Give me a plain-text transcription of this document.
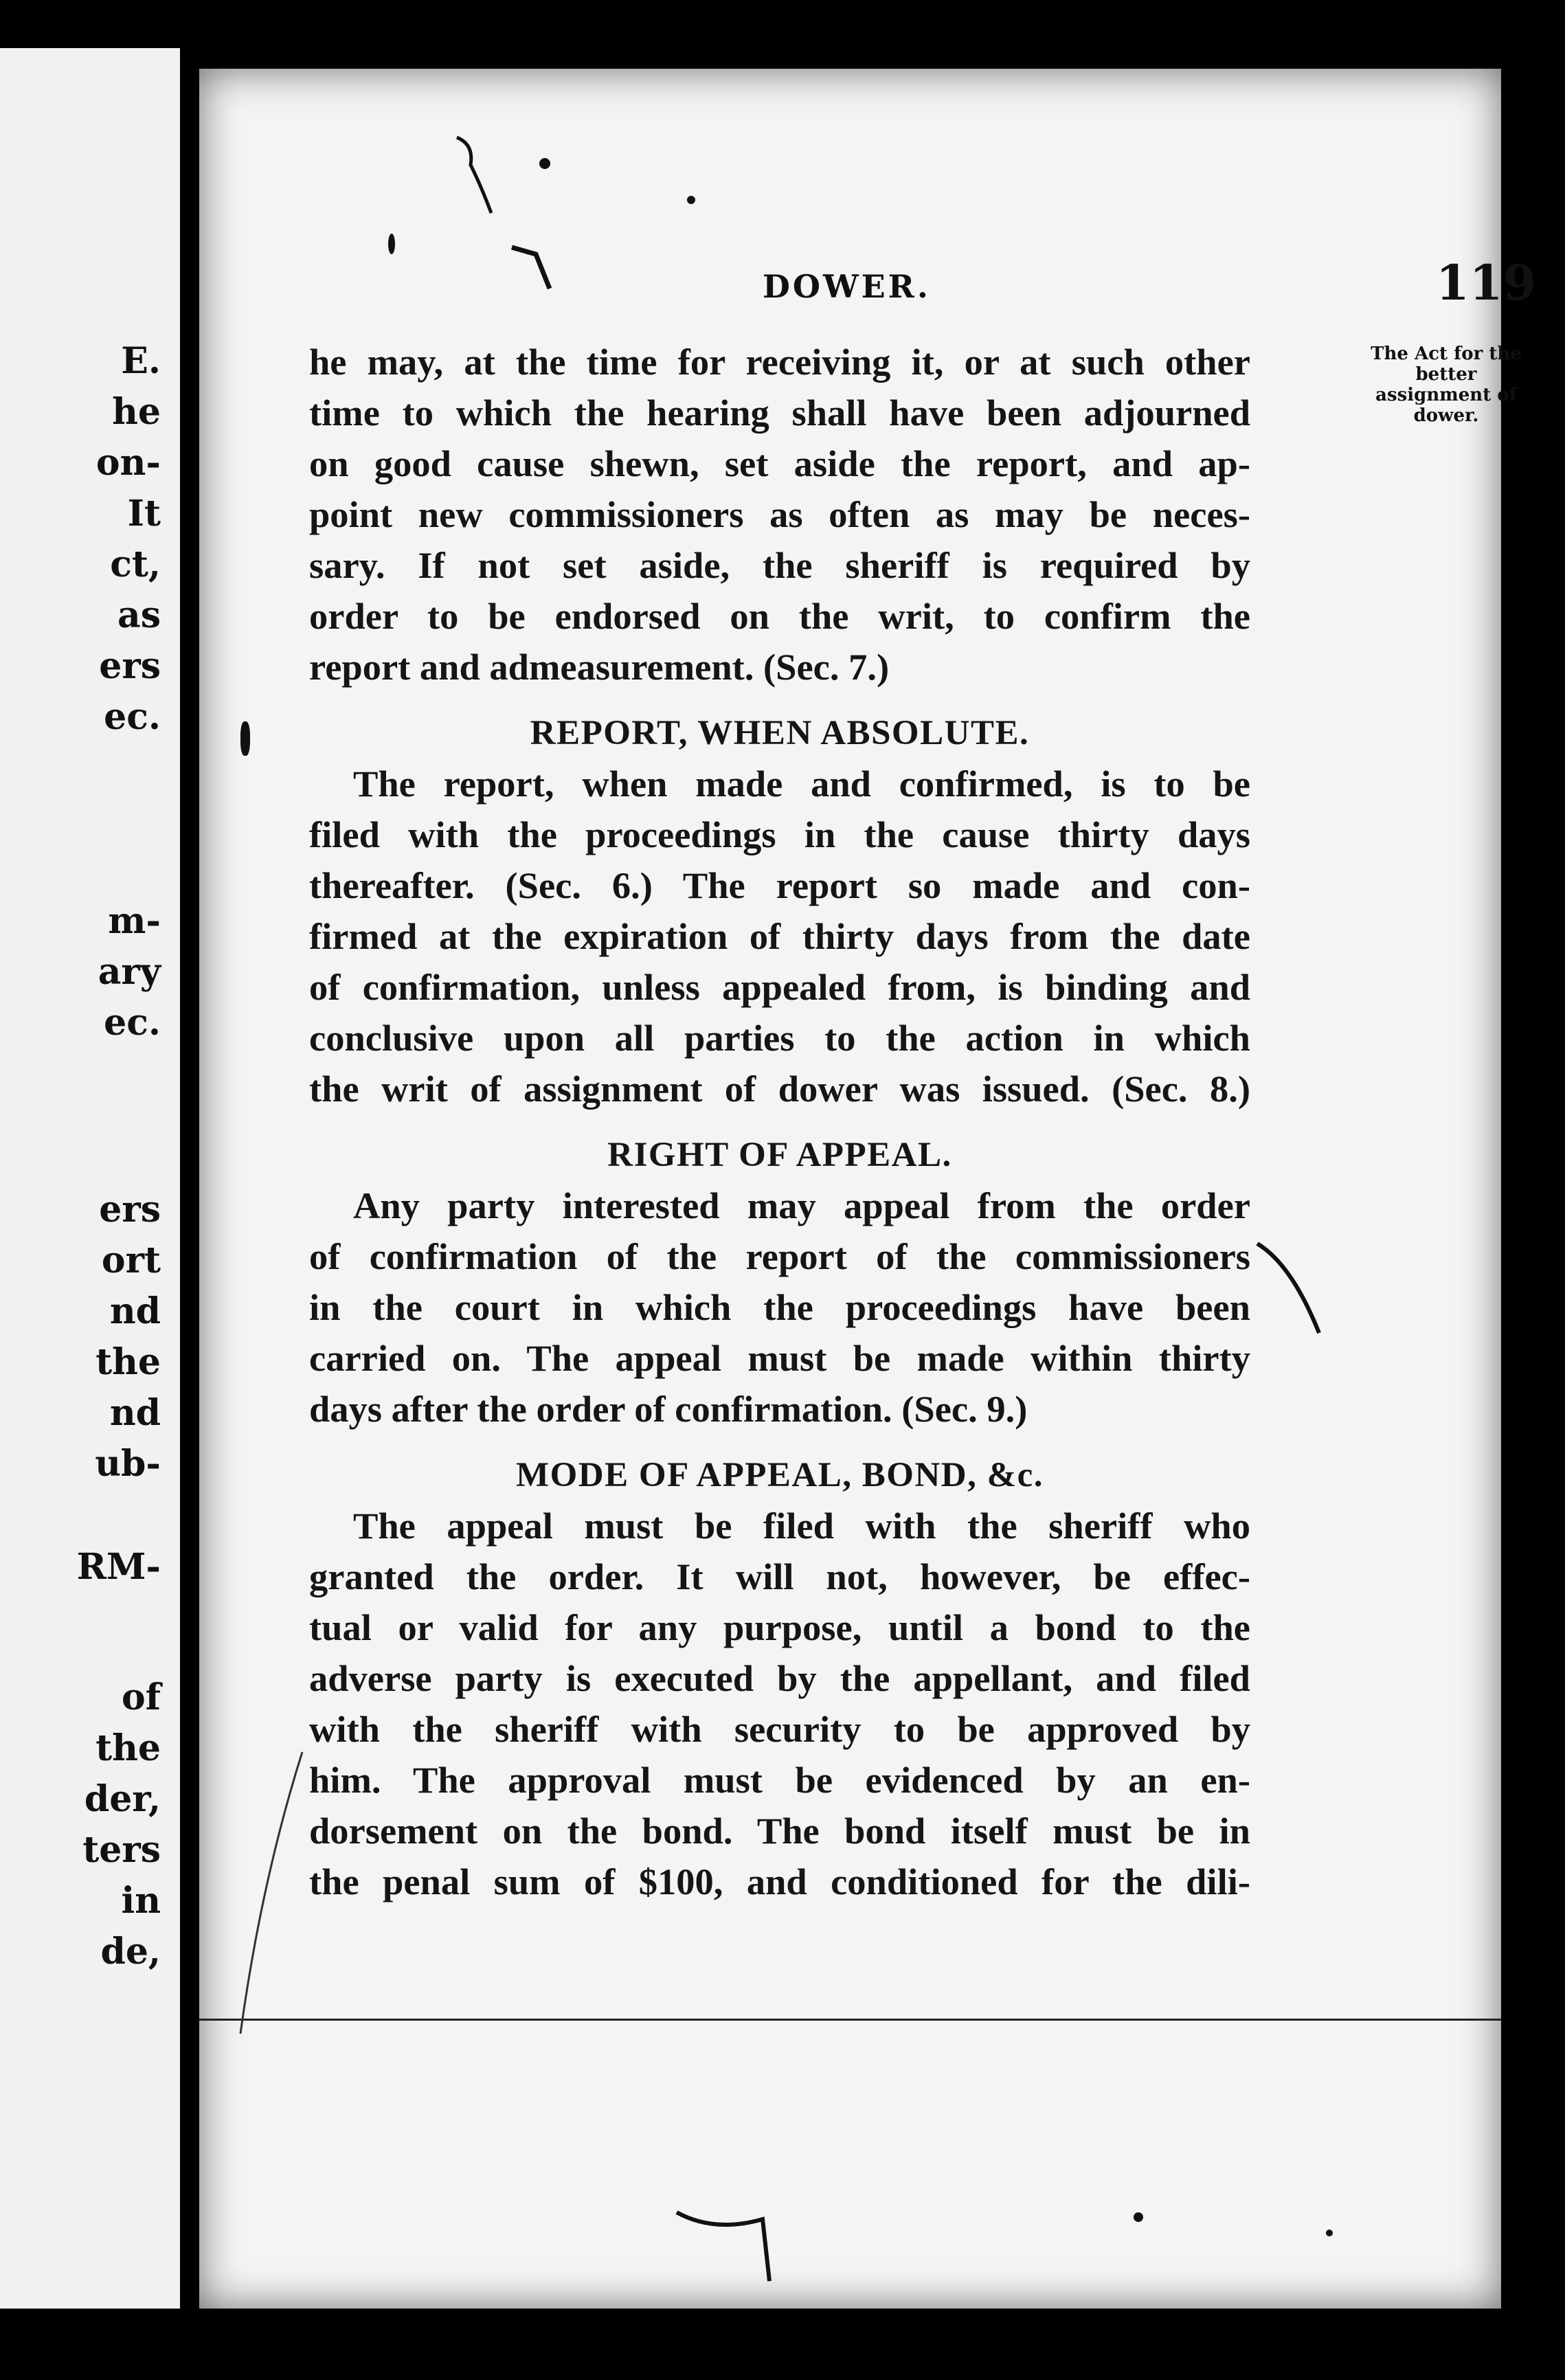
E.
he
on-
It
ct,
as
ers
ec.
m-
ary
ec.
ers
ort
nd
the
nd
ub-
RM-
of
the
der,
ters
in
de,
DOWER.	119
The Act for the better assignment of dower.
he may, at the time for receiving it, or at such other
time to which the hearing shall have been adjourned
on good cause shewn, set aside the report, and ap-
point new commissioners as often as may be neces-
sary. If not set aside, the sheriff is required by
order to be endorsed on the writ, to confirm the
report and admeasurement. (Sec. 7.)
REPORT, WHEN ABSOLUTE.
The report, when made and confirmed, is to be
filed with the proceedings in the cause thirty days
thereafter. (Sec. 6.) The report so made and con-
firmed at the expiration of thirty days from the date
of confirmation, unless appealed from, is binding and
conclusive upon all parties to the action in which
the writ of assignment of dower was issued. (Sec. 8.)
RIGHT OF APPEAL.
Any party interested may appeal from the order
of confirmation of the report of the commissioners
in the court in which the proceedings have been
carried on. The appeal must be made within thirty
days after the order of confirmation. (Sec. 9.)
MODE OF APPEAL, BOND, &c.
The appeal must be filed with the sheriff who
granted the order. It will not, however, be effec-
tual or valid for any purpose, until a bond to the
adverse party is executed by the appellant, and filed
with the sheriff with security to be approved by
him. The approval must be evidenced by an en-
dorsement on the bond. The bond itself must be in
the penal sum of $100, and conditioned for the dili-
